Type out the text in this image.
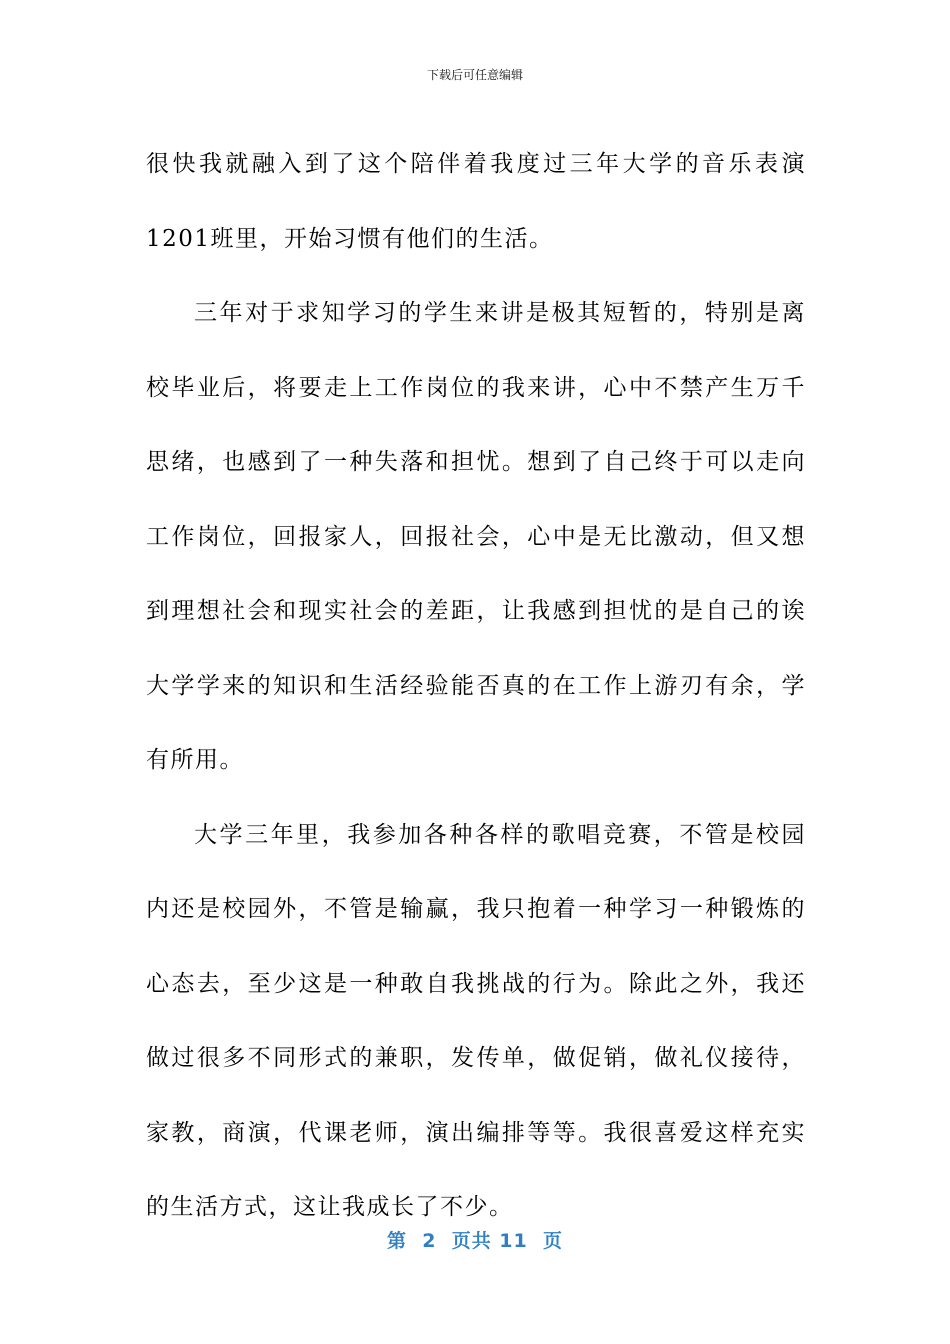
下载后可任意编辑

很快我就融入到了这个陪伴着我度过三年大学的音乐表演1201班里，开始习惯有他们的生活。

三年对于求知学习的学生来讲是极其短暂的，特别是离校毕业后，将要走上工作岗位的我来讲，心中不禁产生万千思绪，也感到了一种失落和担忧。想到了自己终于可以走向工作岗位，回报家人，回报社会，心中是无比激动，但又想到理想社会和现实社会的差距，让我感到担忧的是自己的诶大学学来的知识和生活经验能否真的在工作上游刃有余，学有所用。

大学三年里，我参加各种各样的歌唱竞赛，不管是校园内还是校园外，不管是输赢，我只抱着一种学习一种锻炼的心态去，至少这是一种敢自我挑战的行为。除此之外，我还做过很多不同形式的兼职，发传单，做促销，做礼仪接待，家教，商演，代课老师，演出编排等等。我很喜爱这样充实的生活方式，这让我成长了不少。

第  2  页共 11  页
